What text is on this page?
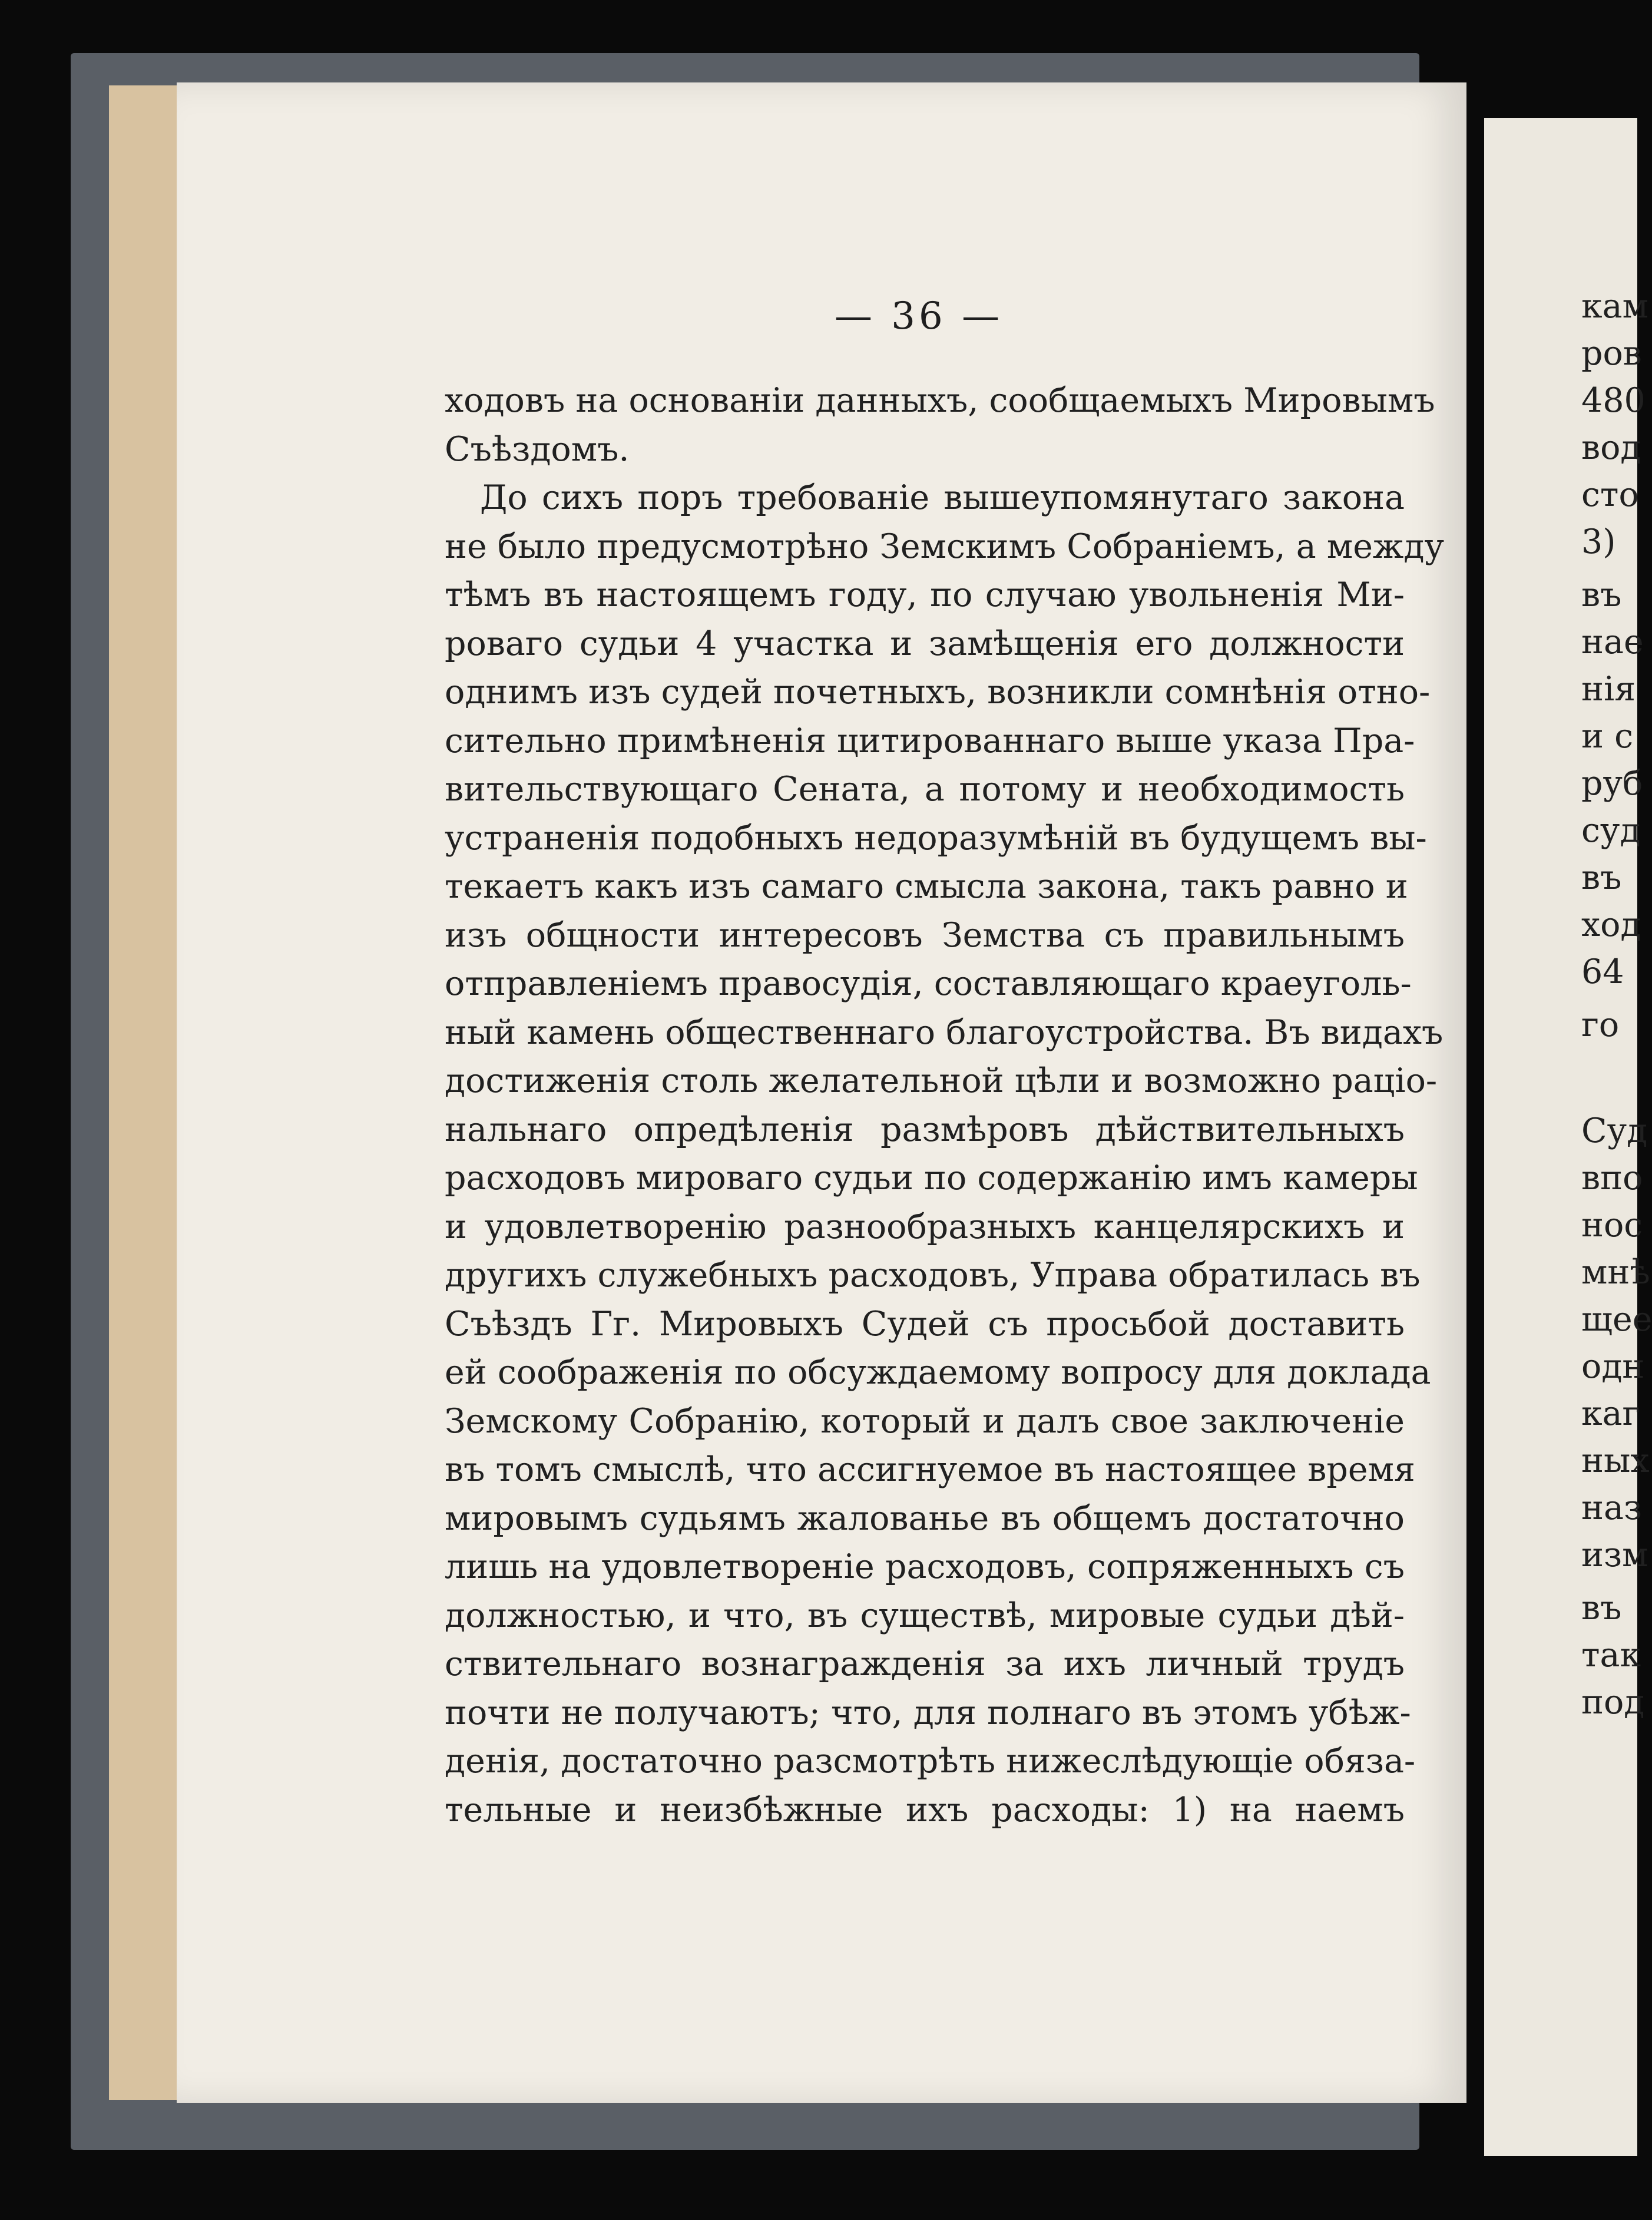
— 36 —
ходовъ на основаніи данныхъ, сообщаемыхъ Мировымъ
Съѣздомъ.
До сихъ поръ требованіе вышеупомянутаго закона
не было предусмотрѣно Земскимъ Собраніемъ, а между
тѣмъ въ настоящемъ году, по случаю увольненія Ми-
роваго судьи 4 участка и замѣщенія его должности
однимъ изъ судей почетныхъ, возникли сомнѣнія отно-
сительно примѣненія цитированнаго выше указа Пра-
вительствующаго Сената, а потому и необходимость
устраненія подобныхъ недоразумѣній въ будущемъ вы-
текаетъ какъ изъ самаго смысла закона, такъ равно и
изъ общности интересовъ Земства съ правильнымъ
отправленіемъ правосудія, составляющаго краеуголь-
ный камень общественнаго благоустройства. Въ видахъ
достиженія столь желательной цѣли и возможно раціо-
нальнаго опредѣленія размѣровъ дѣйствительныхъ
расходовъ мироваго судьи по содержанію имъ камеры
и удовлетворенію разнообразныхъ канцелярскихъ и
другихъ служебныхъ расходовъ, Управа обратилась въ
Съѣздъ Гг. Мировыхъ Судей съ просьбой доставить
ей соображенія по обсуждаемому вопросу для доклада
Земскому Собранію, который и далъ свое заключеніе
въ томъ смыслѣ, что ассигнуемое въ настоящее время
мировымъ судьямъ жалованье въ общемъ достаточно
лишь на удовлетвореніе расходовъ, сопряженныхъ съ
должностью, и что, въ существѣ, мировые судьи дѣй-
ствительнаго вознагражденія за ихъ личный трудъ
почти не получаютъ; что, для полнаго въ этомъ убѣж-
денія, достаточно разсмотрѣть нижеслѣдующіе обяза-
тельные и неизбѣжные ихъ расходы: 1) на наемъ
кам
ров
480
вод
сто
3)
въ
нае
нія
и с
руб
суд
въ
ход
64
го
Суд
впо
нос
мнѣ
щее
одн
каг
ных
наз
изм
въ
так
под
